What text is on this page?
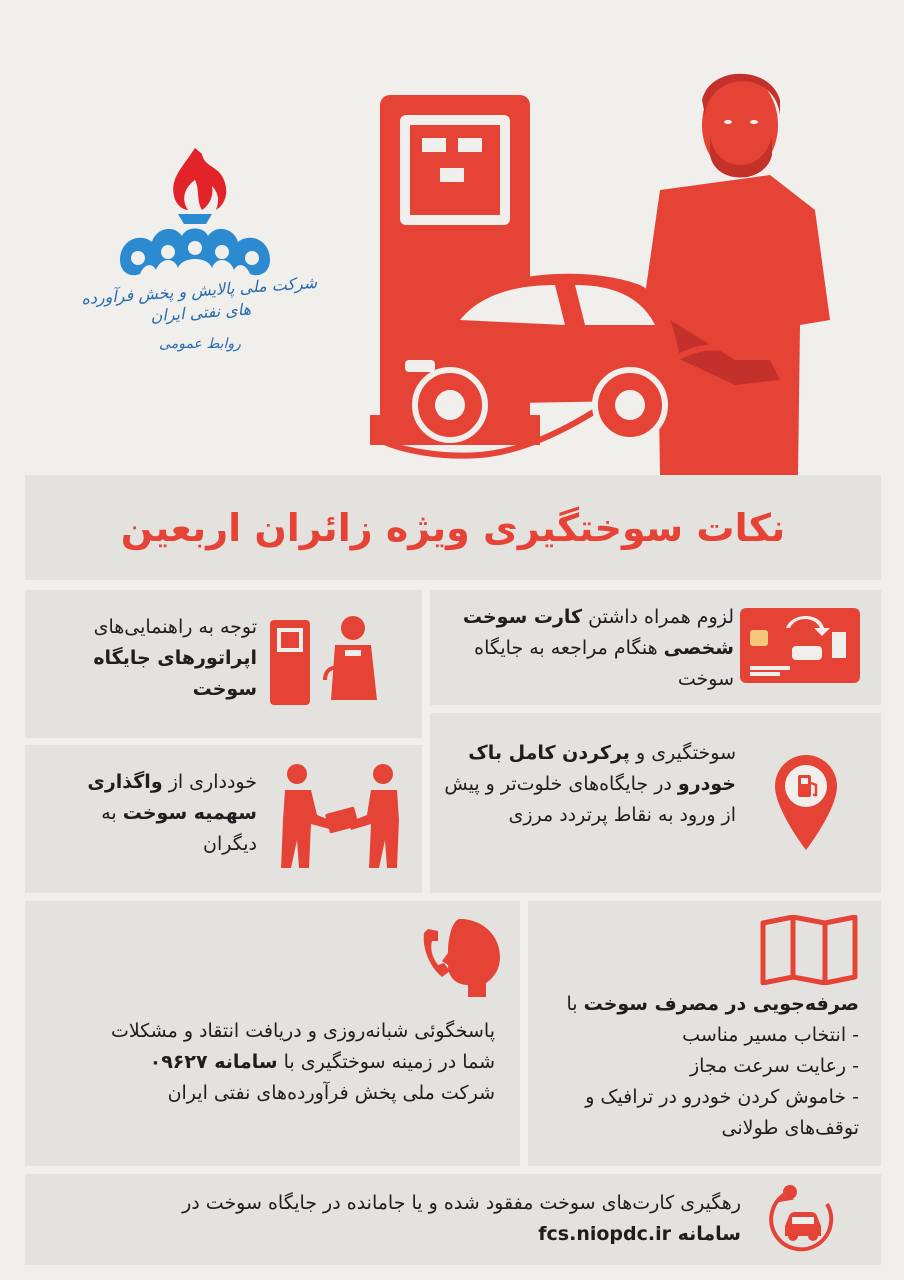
شرکت ملی پالایش و پخش فرآورده های نفتی ایران
روابط عمومی
نکات سوختگیری ویژه زائران اربعین
لزوم همراه داشتن کارت سوخت شخصی هنگام مراجعه به جایگاه سوخت
توجه به راهنمایی‌های اپراتورهای جایگاه سوخت
سوختگیری و پرکردن کامل باک خودرو در جایگاه‌های خلوت‌تر و پیش از ورود به نقاط پرتردد مرزی
خودداری از واگذاری سهمیه سوخت به دیگران
پاسخگوئی شبانه‌روزی و دریافت انتقاد و مشکلات
شما در زمینه سوختگیری با سامانه ۰۹۶۲۷
شرکت ملی پخش فرآورده‌های نفتی ایران
صرفه‌جویی در مصرف سوخت با
- انتخاب مسیر مناسب
- رعایت سرعت مجاز
- خاموش کردن خودرو در ترافیک و توقف‌های طولانی
رهگیری کارت‌های سوخت مفقود شده و یا جامانده در جایگاه سوخت در
سامانه fcs.niopdc.ir
